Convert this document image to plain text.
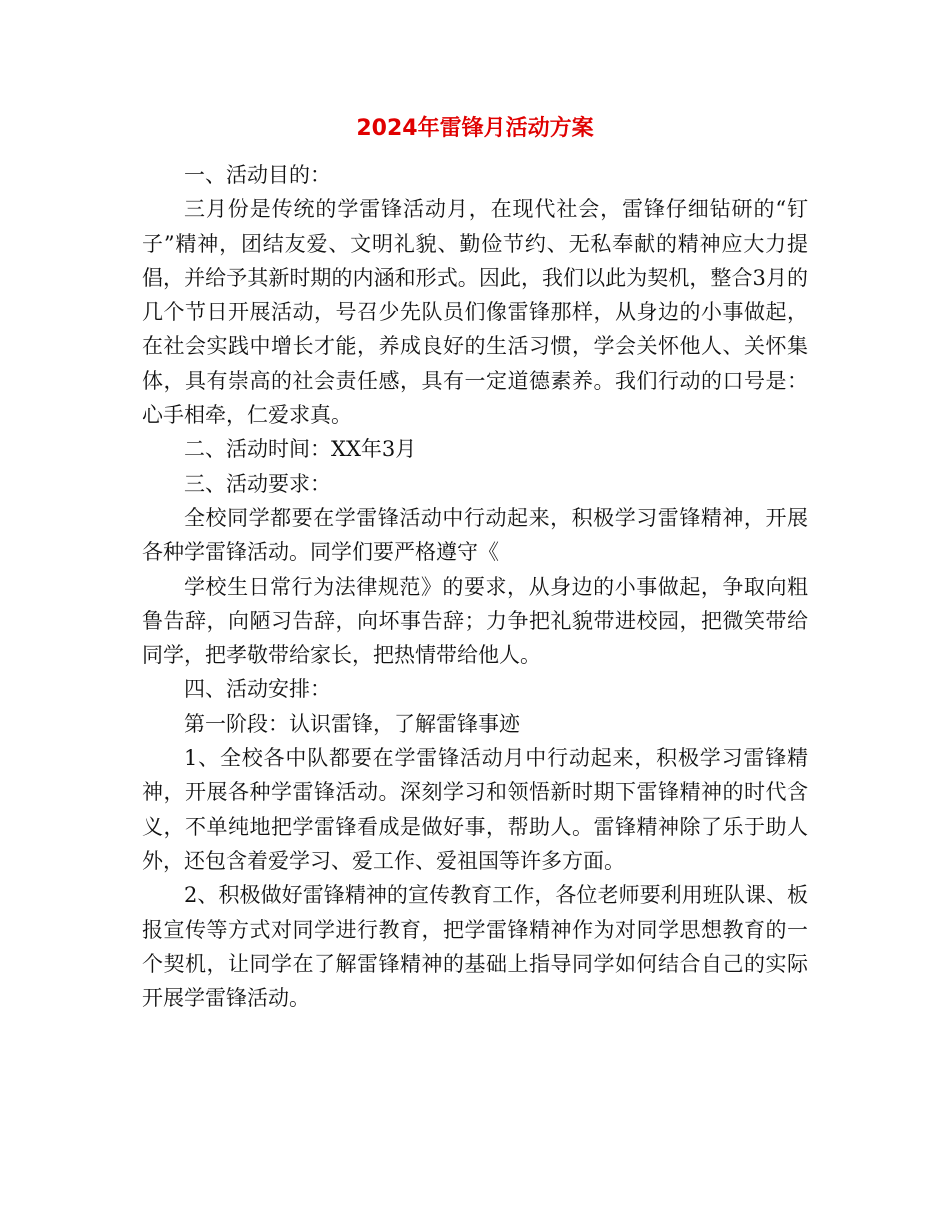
2024年雷锋月活动方案

一、活动目的：

三月份是传统的学雷锋活动月，在现代社会，雷锋仔细钻研的“钉子”精神，团结友爱、文明礼貌、勤俭节约、无私奉献的精神应大力提倡，并给予其新时期的内涵和形式。因此，我们以此为契机，整合3月的几个节日开展活动，号召少先队员们像雷锋那样，从身边的小事做起，在社会实践中增长才能，养成良好的生活习惯，学会关怀他人、关怀集体，具有崇高的社会责任感，具有一定道德素养。我们行动的口号是：心手相牵，仁爱求真。

二、活动时间：XX年3月

三、活动要求：

全校同学都要在学雷锋活动中行动起来，积极学习雷锋精神，开展各种学雷锋活动。同学们要严格遵守《

学校生日常行为法律规范》的要求，从身边的小事做起，争取向粗鲁告辞，向陋习告辞，向坏事告辞；力争把礼貌带进校园，把微笑带给同学，把孝敬带给家长，把热情带给他人。

四、活动安排：

第一阶段：认识雷锋，了解雷锋事迹

1、全校各中队都要在学雷锋活动月中行动起来，积极学习雷锋精神，开展各种学雷锋活动。深刻学习和领悟新时期下雷锋精神的时代含义，不单纯地把学雷锋看成是做好事，帮助人。雷锋精神除了乐于助人外，还包含着爱学习、爱工作、爱祖国等许多方面。

2、积极做好雷锋精神的宣传教育工作，各位老师要利用班队课、板报宣传等方式对同学进行教育，把学雷锋精神作为对同学思想教育的一个契机，让同学在了解雷锋精神的基础上指导同学如何结合自己的实际开展学雷锋活动。
